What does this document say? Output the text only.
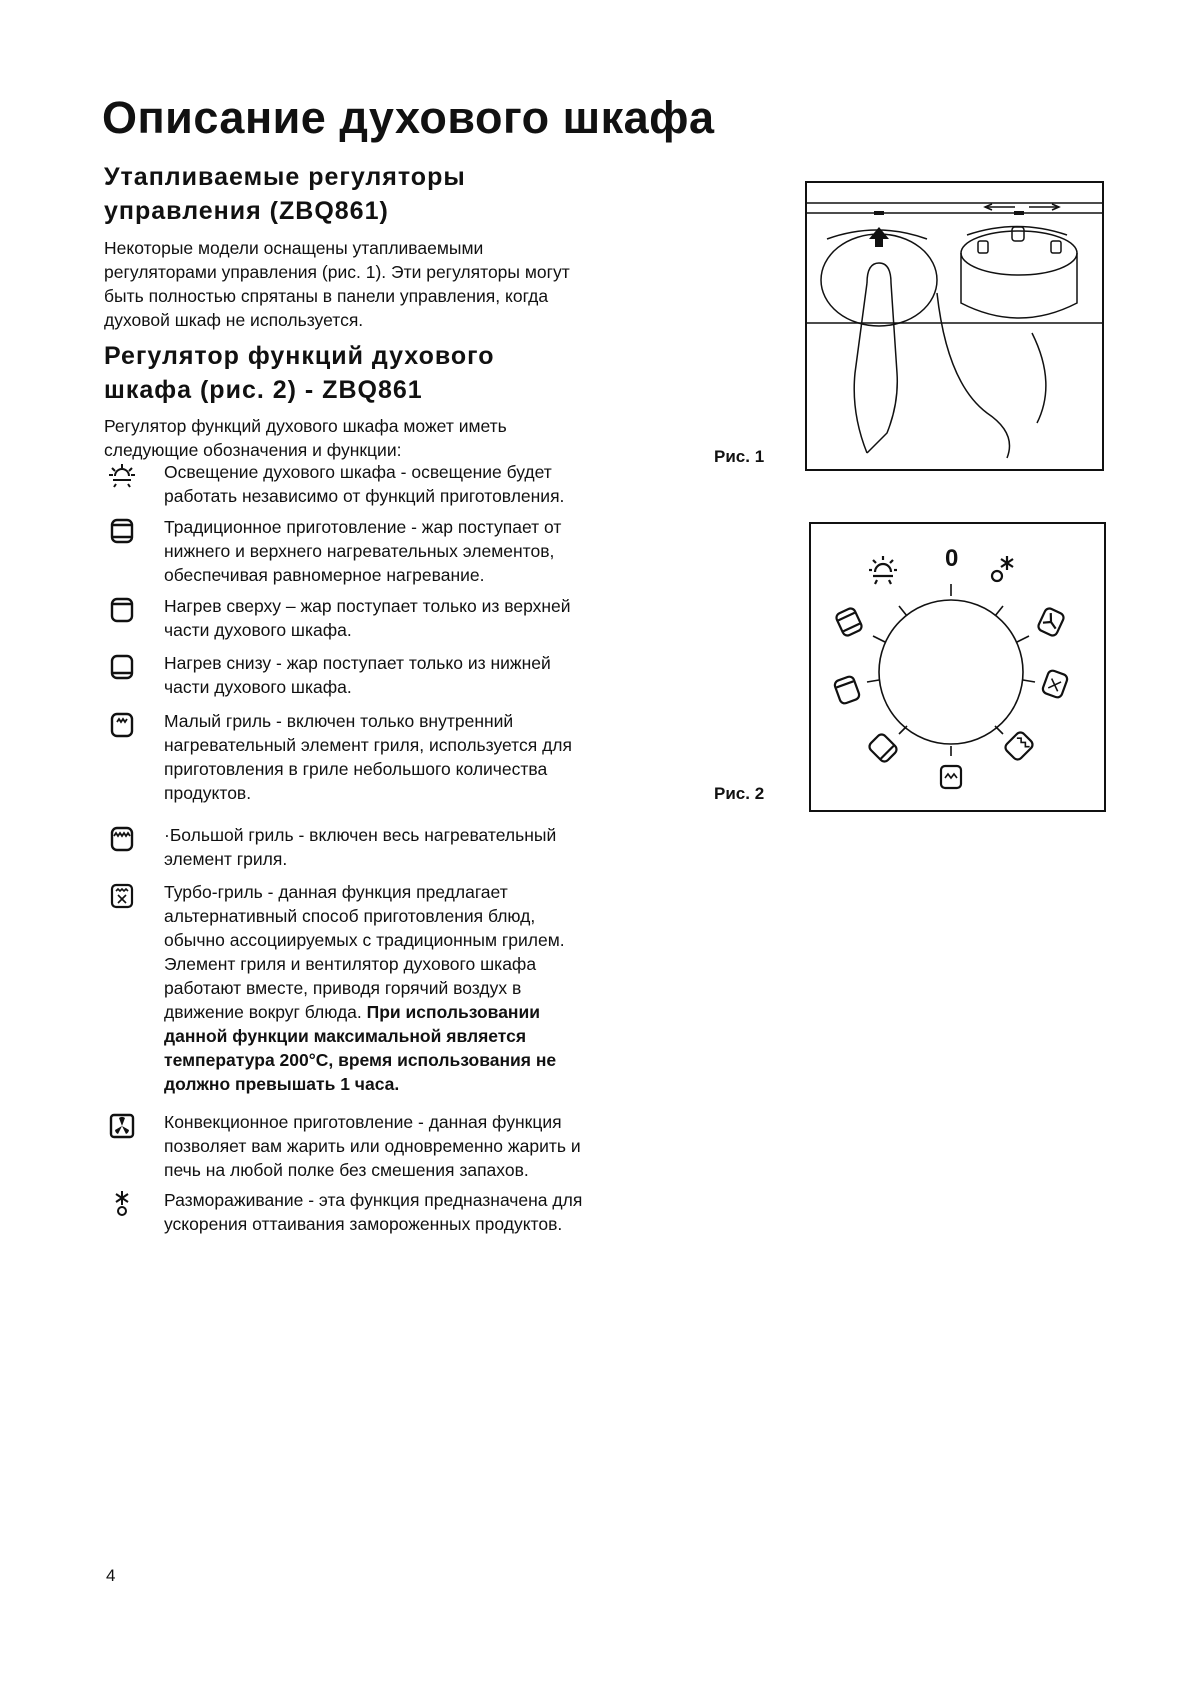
Описание духового шкафа
Утапливаемые регуляторы
управления (ZBQ861)

Некоторые модели оснащены утапливаемыми регуляторами управления (рис. 1). Эти регуляторы могут быть полностью спрятаны в панели управления, когда духовой шкаф не используется.

Регулятор функций духового
шкафа (рис. 2) - ZBQ861

Регулятор функций духового шкафа может иметь следующие обозначения и функции:

Освещение духового шкафа - освещение будет работать независимо от функций приготовления.

Традиционное приготовление - жар поступает от нижнего и верхнего нагревательных элементов, обеспечивая равномерное нагревание.

Нагрев сверху – жар поступает только из верхней части духового шкафа.

Нагрев снизу - жар поступает только из нижней части духового шкафа.

Малый гриль - включен только внутренний нагревательный элемент гриля, используется для приготовления в гриле небольшого количества продуктов.

·Большой гриль - включен весь нагревательный элемент гриля.

Турбо-гриль - данная функция предлагает альтернативный способ приготовления блюд, обычно ассоциируемых с традиционным грилем. Элемент гриля и вентилятор духового шкафа работают вместе, приводя горячий воздух в движение вокруг блюда. При использовании данной функции максимальной является температура 200°C, время использования не должно превышать 1 часа.

Конвекционное приготовление - данная функция позволяет вам жарить или одновременно жарить и печь на любой полке без смешения запахов.

Размораживание - эта функция предназначена для ускорения оттаивания замороженных продуктов.

Рис. 1
0
Рис. 2
4
